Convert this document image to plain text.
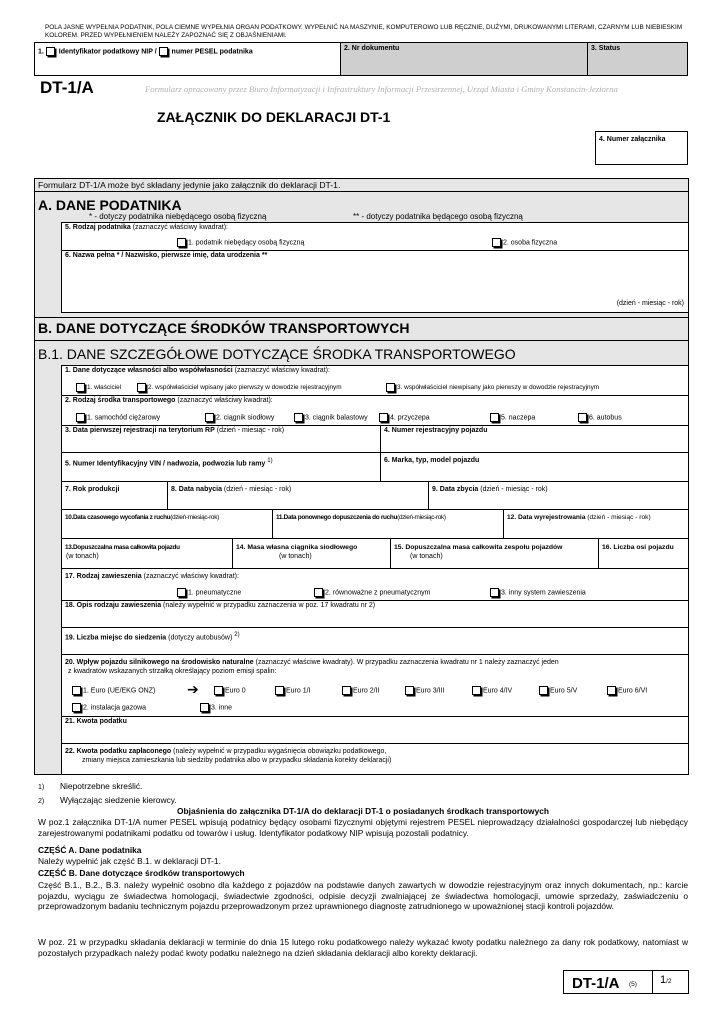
POLA JASNE WYPEŁNIA PODATNIK, POLA CIEMNE WYPEŁNIA ORGAN PODATKOWY. WYPEŁNIĆ NA MASZYNIE, KOMPUTEROWO LUB RĘCZNIE, DUŻYMI, DRUKOWANYMI LITERAMI, CZARNYM LUB NIEBIESKIM KOLOREM. PRZED WYPEŁNIENIEM NALEŻY ZAPOZNAĆ SIĘ Z OBJAŚNIENIAMI.
1. Identyfikator podatkowy NIP / numer PESEL podatnika	2. Nr dokumentu	3. Status
DT-1/A	Formularz opracowany przez Biuro Informatyzacji i Infrastruktury Informacji Przestrzennej, Urząd Miasta i Gminy Konstancin-Jeziorna
ZAŁĄCZNIK DO DEKLARACJI DT-1
4. Numer załącznika
Formularz DT-1/A może być składany jedynie jako załącznik do deklaracji DT-1.
A. DANE PODATNIKA
* - dotyczy podatnika niebędącego osobą fizyczną	** - dotyczy podatnika będącego osobą fizyczną
5. Rodzaj podatnika (zaznaczyć właściwy kwadrat):
1. podatnik niebędący osobą fizyczną	2. osoba fizyczna
6. Nazwa pełna * / Nazwisko, pierwsze imię, data urodzenia **
(dzień - miesiąc - rok)
B. DANE DOTYCZĄCE ŚRODKÓW TRANSPORTOWYCH
B.1. DANE SZCZEGÓŁOWE DOTYCZĄCE ŚRODKA TRANSPORTOWEGO
1. Dane dotyczące własności albo współwłasności (zaznaczyć właściwy kwadrat):
1. właściciel	2. współwłaściciel wpisany jako pierwszy w dowodzie rejestracyjnym	3. współwłaściciel niewpisany jako pierwszy w dowodzie rejestracyjnym
2. Rodzaj środka transportowego (zaznaczyć właściwy kwadrat):
1. samochód ciężarowy	2. ciągnik siodłowy	3. ciągnik balastowy	4. przyczepa	5. naczepa	6. autobus
3. Data pierwszej rejestracji na terytorium RP (dzień - miesiąc - rok)	4. Numer rejestracyjny pojazdu
5. Numer Identyfikacyjny VIN / nadwozia, podwozia lub ramy $^{1)}$	6. Marka, typ, model pojazdu
7. Rok produkcji	8. Data nabycia (dzień - miesiąc - rok)	9. Data zbycia (dzień - miesiąc - rok)
10.Data czasowego wycofania z ruchu(dzień-miesiąc-rok)	11.Data ponownego dopuszczenia do ruchu(dzień-miesiąc-rok)	12. Data wyrejestrowania (dzień - miesiąc - rok)
13.Dopuszczalna masa całkowita pojazdu
(w tonach)
14. Masa własna ciągnika siodłowego
(w tonach)
15. Dopuszczalna masa całkowita zespołu pojazdów
(w tonach)
16. Liczba osi pojazdu
17. Rodzaj zawieszenia (zaznaczyć właściwy kwadrat):
1. pneumatyczne	2. równoważne z pneumatycznym	3. inny system zawieszenia
18. Opis rodzaju zawieszenia (należy wypełnić w przypadku zaznaczenia w poz. 17 kwadratu nr 2)
19. Liczba miejsc do siedzenia (dotyczy autobusów) $^{2)}$
20. Wpływ pojazdu silnikowego na środowisko naturalne (zaznaczyć właściwe kwadraty). W przypadku zaznaczenia kwadratu nr 1 należy zaznaczyć jeden
z kwadratów wskazanych strzałką określający poziom emisji spalin:
1. Euro (UE/EKG ONZ) ➔	Euro 0	Euro 1/I	Euro 2/II	Euro 3/III	Euro 4/IV	Euro 5/V	Euro 6/VI
2. instalacja gazowa	3. inne
21. Kwota podatku
22. Kwota podatku zapłaconego (należy wypełnić w przypadku wygaśnięcia obowiązku podatkowego,
zmiany miejsca zamieszkania lub siedziby podatnika albo w przypadku składania korekty deklaracji)
1) Niepotrzebne skreślić.
2) Wyłączając siedzenie kierowcy.
Objaśnienia do załącznika DT-1/A do deklaracji DT-1 o posiadanych środkach transportowych
W poz.1 załącznika DT-1/A numer PESEL wpisują podatnicy będący osobami fizycznymi objętymi rejestrem PESEL nieprowadzący działalności gospodarczej lub niebędący zarejestrowanymi podatnikami podatku od towarów i usług. Identyfikator podatkowy NIP wpisują pozostali podatnicy.
CZĘŚĆ A. Dane podatnika
Należy wypełnić jak część B.1. w deklaracji DT-1.
CZĘŚĆ B. Dane dotyczące środków transportowych
Część B.1., B.2., B.3. należy wypełnić osobno dla każdego z pojazdów na podstawie danych zawartych w dowodzie rejestracyjnym oraz innych dokumentach, np.: karcie pojazdu, wyciągu ze świadectwa homologacji, świadectwie zgodności, odpisie decyzji zwalniającej ze świadectwa homologacji, umowie sprzedaży, zaświadczeniu o przeprowadzonym badaniu technicznym pojazdu przeprowadzonym przez uprawnionego diagnostę zatrudnionego w upoważnionej stacji kontroli pojazdów.
W poz. 21 w przypadku składania deklaracji w terminie do dnia 15 lutego roku podatkowego należy wykazać kwoty podatku należnego za dany rok podatkowy, natomiast w pozostałych przypadkach należy podać kwoty podatku należnego na dzień składania deklaracji albo korekty deklaracji.
DT-1/A (5) 1/2
